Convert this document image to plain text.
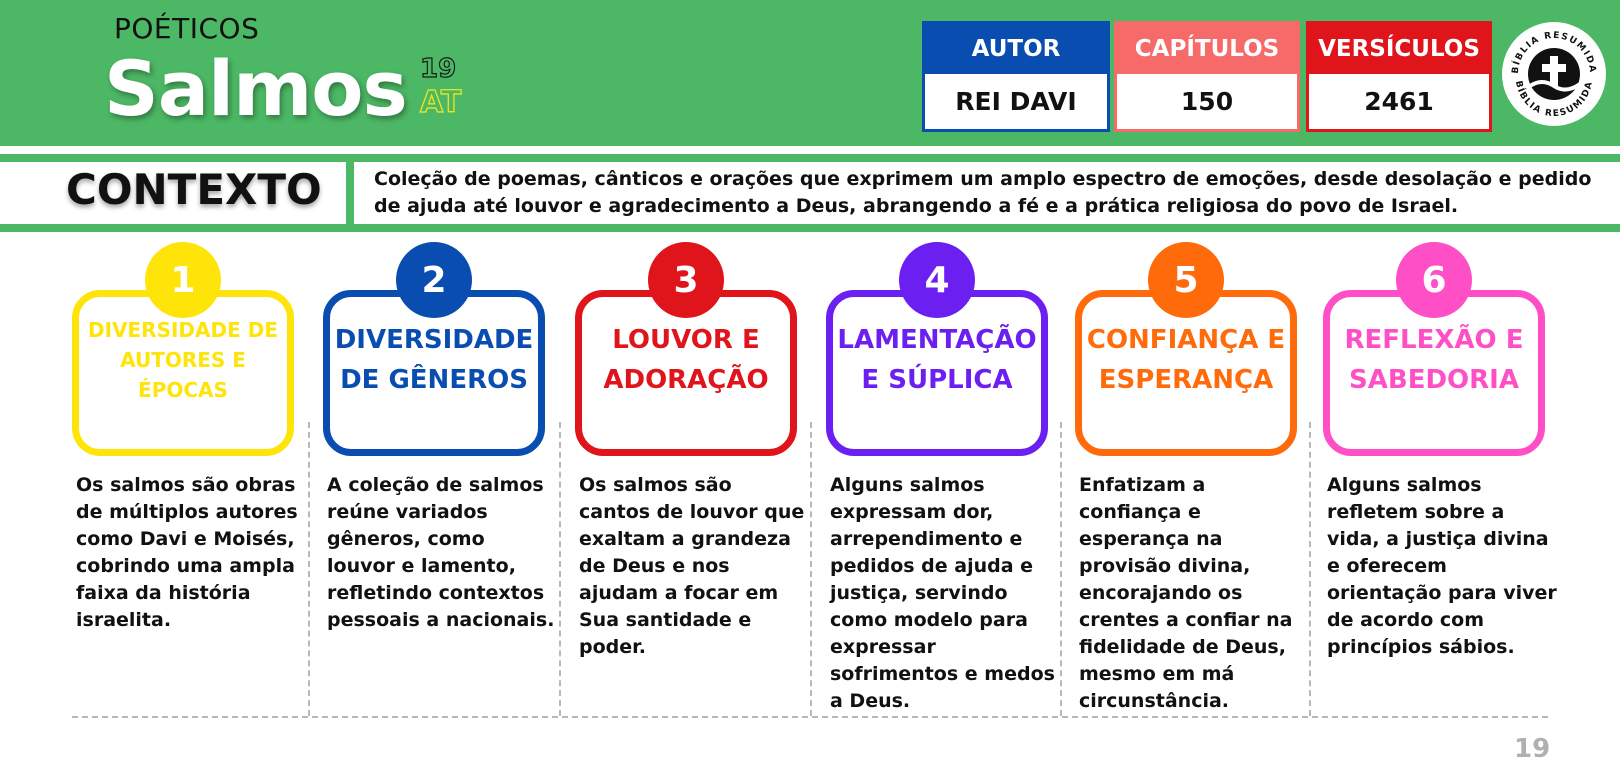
POÉTICOS
Salmos 19
AT
AUTOR
REI DAVI
CAPÍTULOS
150
VERSÍCULOS
2461
BÍBLIA RESUMIDA
BÍBLIA RESUMIDA
CONTEXTO	Coleção de poemas, cânticos e orações que exprimem um amplo espectro de emoções, desde desolação e pedido de ajuda até louvor e agradecimento a Deus, abrangendo a fé e a prática religiosa do povo de Israel.
DIVERSIDADE DE AUTORES E ÉPOCAS
1
Os salmos são obras de múltiplos autores como Davi e Moisés, cobrindo uma ampla faixa da história israelita.
DIVERSIDADE DE GÊNEROS
2
A coleção de salmos reúne variados gêneros, como louvor e lamento, refletindo contextos pessoais a nacionais.
LOUVOR E ADORAÇÃO
3
Os salmos são cantos de louvor que exaltam a grandeza de Deus e nos ajudam a focar em Sua santidade e poder.
LAMENTAÇÃO E SÚPLICA
4
Alguns salmos expressam dor, arrependimento e pedidos de ajuda e justiça, servindo como modelo para expressar sofrimentos e medos a Deus.
CONFIANÇA E ESPERANÇA
5
Enfatizam a confiança e esperança na provisão divina, encorajando os crentes a confiar na fidelidade de Deus, mesmo em má circunstância.
REFLEXÃO E SABEDORIA
6
Alguns salmos refletem sobre a vida, a justiça divina e oferecem orientação para viver de acordo com princípios sábios.
19
